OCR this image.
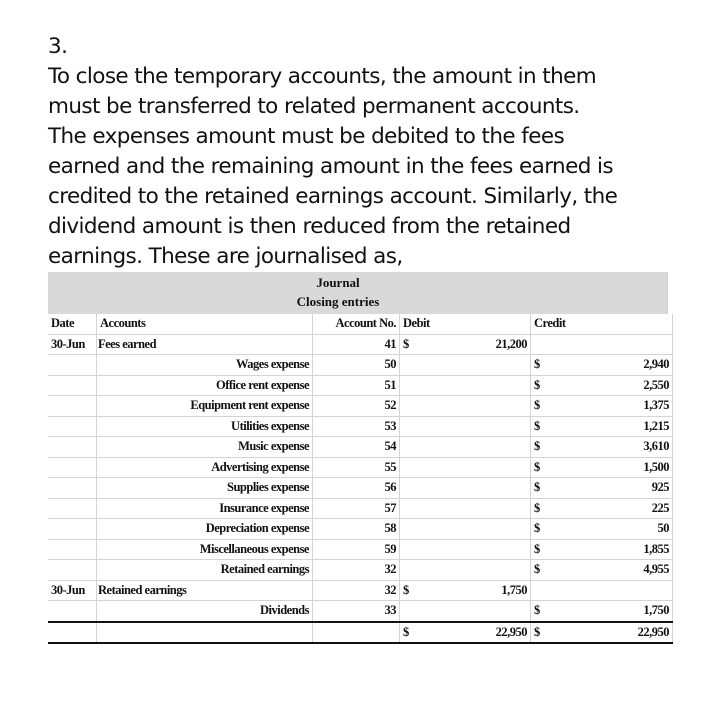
3.
To close the temporary accounts, the amount in them
must be transferred to related permanent accounts.
The expenses amount must be debited to the fees
earned and the remaining amount in the fees earned is
credited to the retained earnings account. Similarly, the
dividend amount is then reduced from the retained
earnings. These are journalised as,
Journal
Closing entries
Date	Accounts	Account No.	Debit	Credit
30-Jun	Fees earned	41	$ 21,200	

	Wages expense	50		$ 2,940

	Office rent expense	51		$ 2,550

	Equipment rent expense	52		$ 1,375

	Utilities expense	53		$ 1,215

	Music expense	54		$ 3,610

	Advertising expense	55		$ 1,500

	Supplies expense	56		$ 925

	Insurance expense	57		$ 225

	Depreciation expense	58		$ 50

	Miscellaneous expense	59		$ 1,855

	Retained earnings	32		$ 4,955

30-Jun	Retained earnings	32	$ 1,750	

	Dividends	33		$ 1,750

			$ 22,950	$ 22,950
